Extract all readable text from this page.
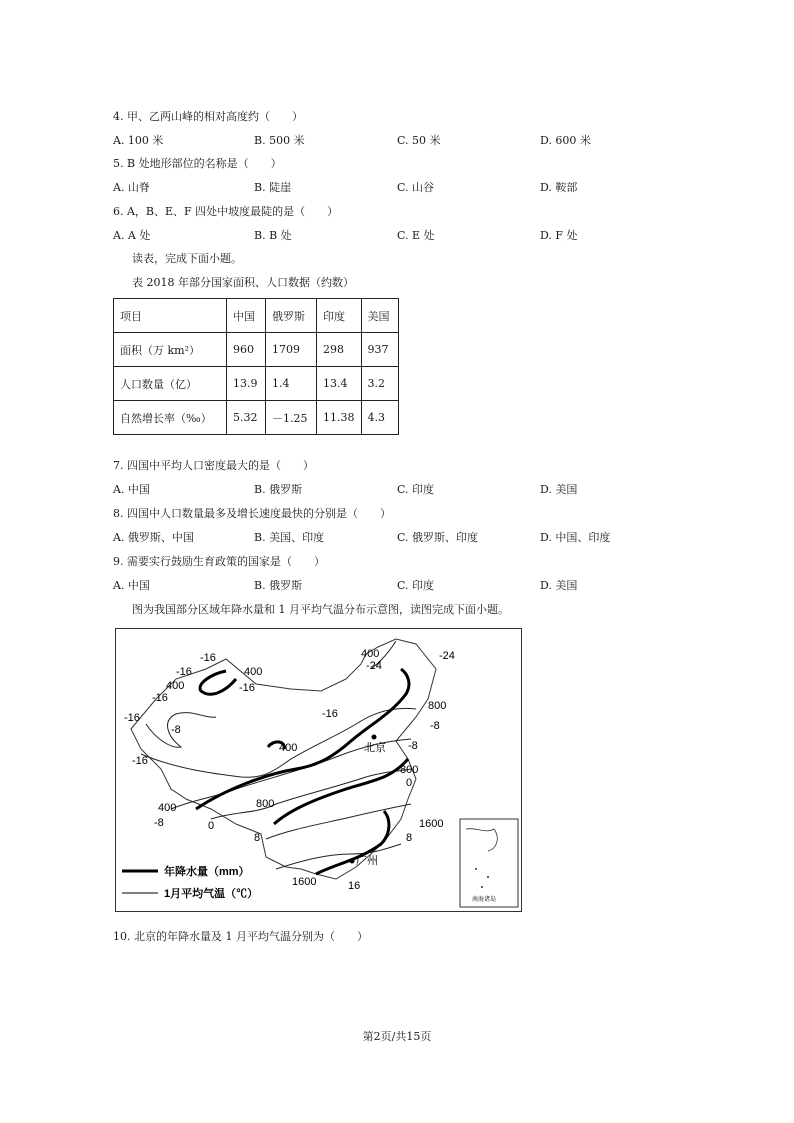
4. 甲、乙两山峰的相对高度约（　　）
A. 100 米	B. 500 米	C. 50 米	D. 600 米
5. B 处地形部位的名称是（　　）
A. 山脊	B. 陡崖	C. 山谷	D. 鞍部
6. A，B、E、F 四处中坡度最陡的是（　　）
A. A 处	B. B 处	C. E 处	D. F 处
读表，完成下面小题。
表 2018 年部分国家面积、人口数据（约数）
项目	中国	俄罗斯	印度	美国
面积（万 km²）	960	1709	298	937
人口数量（亿）	13.9	1.4	13.4	3.2
自然增长率（‰）	5.32	－1.25	11.38	4.3
7. 四国中平均人口密度最大的是（　　）
A. 中国	B. 俄罗斯	C. 印度	D. 美国
8. 四国中人口数量最多及增长速度最快的分别是（　　）
A. 俄罗斯、中国	B. 美国、印度	C. 俄罗斯、印度	D. 中国、印度
9. 需要实行鼓励生育政策的国家是（　　）
A. 中国	B. 俄罗斯	C. 印度	D. 美国
图为我国部分区域年降水量和 1 月平均气温分布示意图，读图完成下面小题。
-16
400
-16
-16
400
-16
-16
-8
-16
400
-16
400
-24
-24
800
-8
-8
800
0
400
0
800
8	8
1600
1600	16
-8
北京
广州
年降水量（mm）
1月平均气温（℃）	南海诸岛
10. 北京的年降水量及 1 月平均气温分别为（　　）
第2页/共15页
